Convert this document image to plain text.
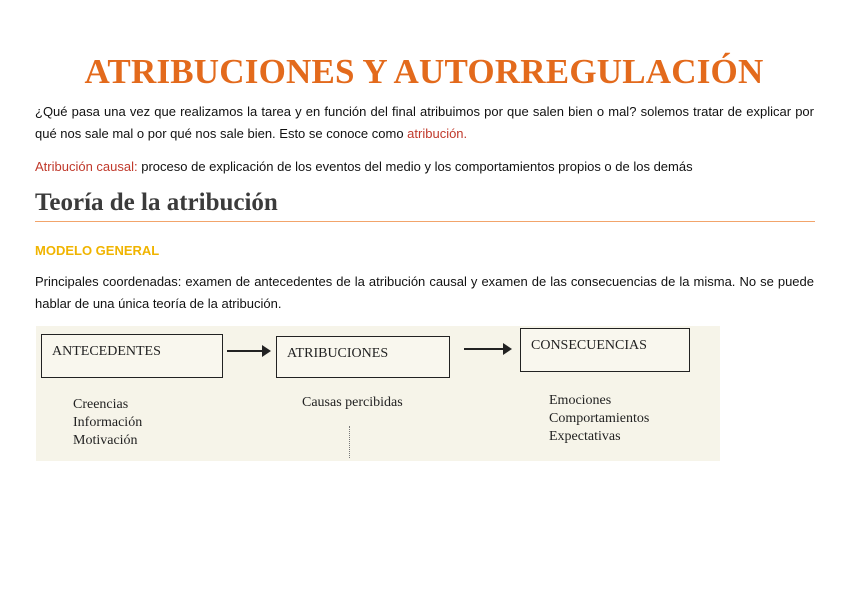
ATRIBUCIONES Y AUTORREGULACIÓN

¿Qué pasa una vez que realizamos la tarea y en función del final atribuimos por que salen bien o mal? solemos tratar de explicar por qué nos sale mal o por qué nos sale bien. Esto se conoce como atribución.

Atribución causal: proceso de explicación de los eventos del medio y los comportamientos propios o de los demás

Teoría de la atribución
MODELO GENERAL

Principales coordenadas: examen de antecedentes de la atribución causal y examen de las consecuencias de la misma. No se puede hablar de una única teoría de la atribución.

ANTECEDENTES	ATRIBUCIONES
CONSECUENCIAS
Creencias
Información
Motivación
Causas percibidas	Emociones
Comportamientos
Expectativas
